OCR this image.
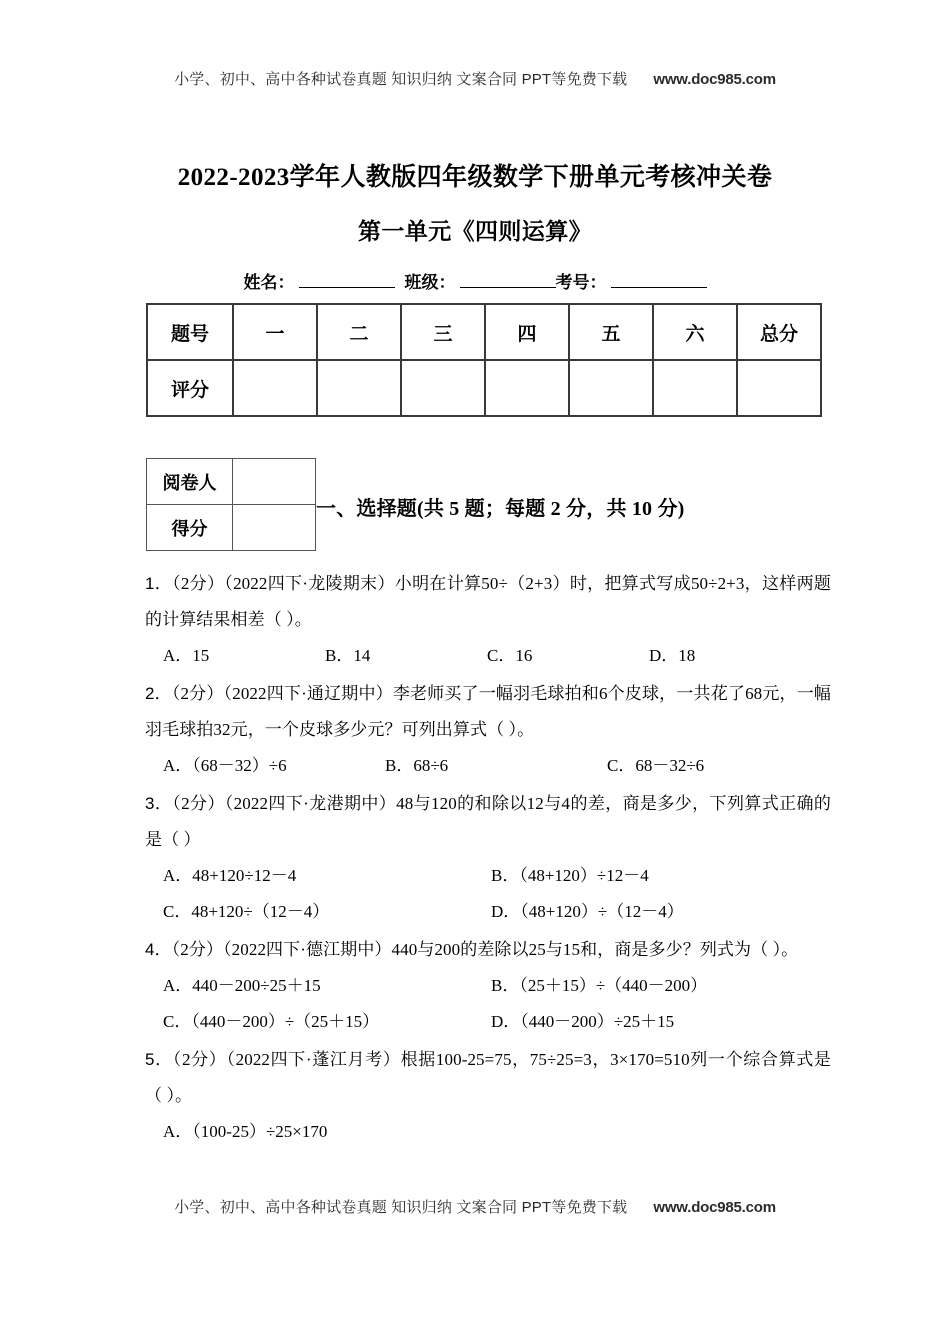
小学、初中、高中各种试卷真题 知识归纳 文案合同 PPT等免费下载 www.doc985.com
2022-2023学年人教版四年级数学下册单元考核冲关卷
第一单元《四则运算》
姓名：	班级：	考号：
题号	一	二	三	四	五	六	总分
评分							
阅卷人	
得分	
一、选择题(共 5 题；每题 2 分，共 10 分)
1．（2分）（2022四下·龙陵期末）小明在计算50÷（2+3）时，把算式写成50÷2+3，这样两题的计算结果相差（ ）。
A．15	B．14	C．16	D．18
2．（2分）（2022四下·通辽期中）李老师买了一幅羽毛球拍和6个皮球，一共花了68元，一幅羽毛球拍32元，一个皮球多少元？可列出算式（ ）。
A．（68－32）÷6	B．68÷6	C．68－32÷6
3．（2分）（2022四下·龙港期中）48与120的和除以12与4的差，商是多少，下列算式正确的是（ ）
A．48+120÷12－4	B．（48+120）÷12－4
C．48+120÷（12－4）	D．（48+120）÷（12－4）
4．（2分）（2022四下·德江期中）440与200的差除以25与15和，商是多少？列式为（ ）。
A．440－200÷25＋15	B．（25＋15）÷（440－200）
C．（440－200）÷（25＋15）	D．（440－200）÷25＋15
5．（2分）（2022四下·蓬江月考）根据100-25=75，75÷25=3，3×170=510列一个综合算式是（ ）。
A．（100-25）÷25×170
小学、初中、高中各种试卷真题 知识归纳 文案合同 PPT等免费下载 www.doc985.com
